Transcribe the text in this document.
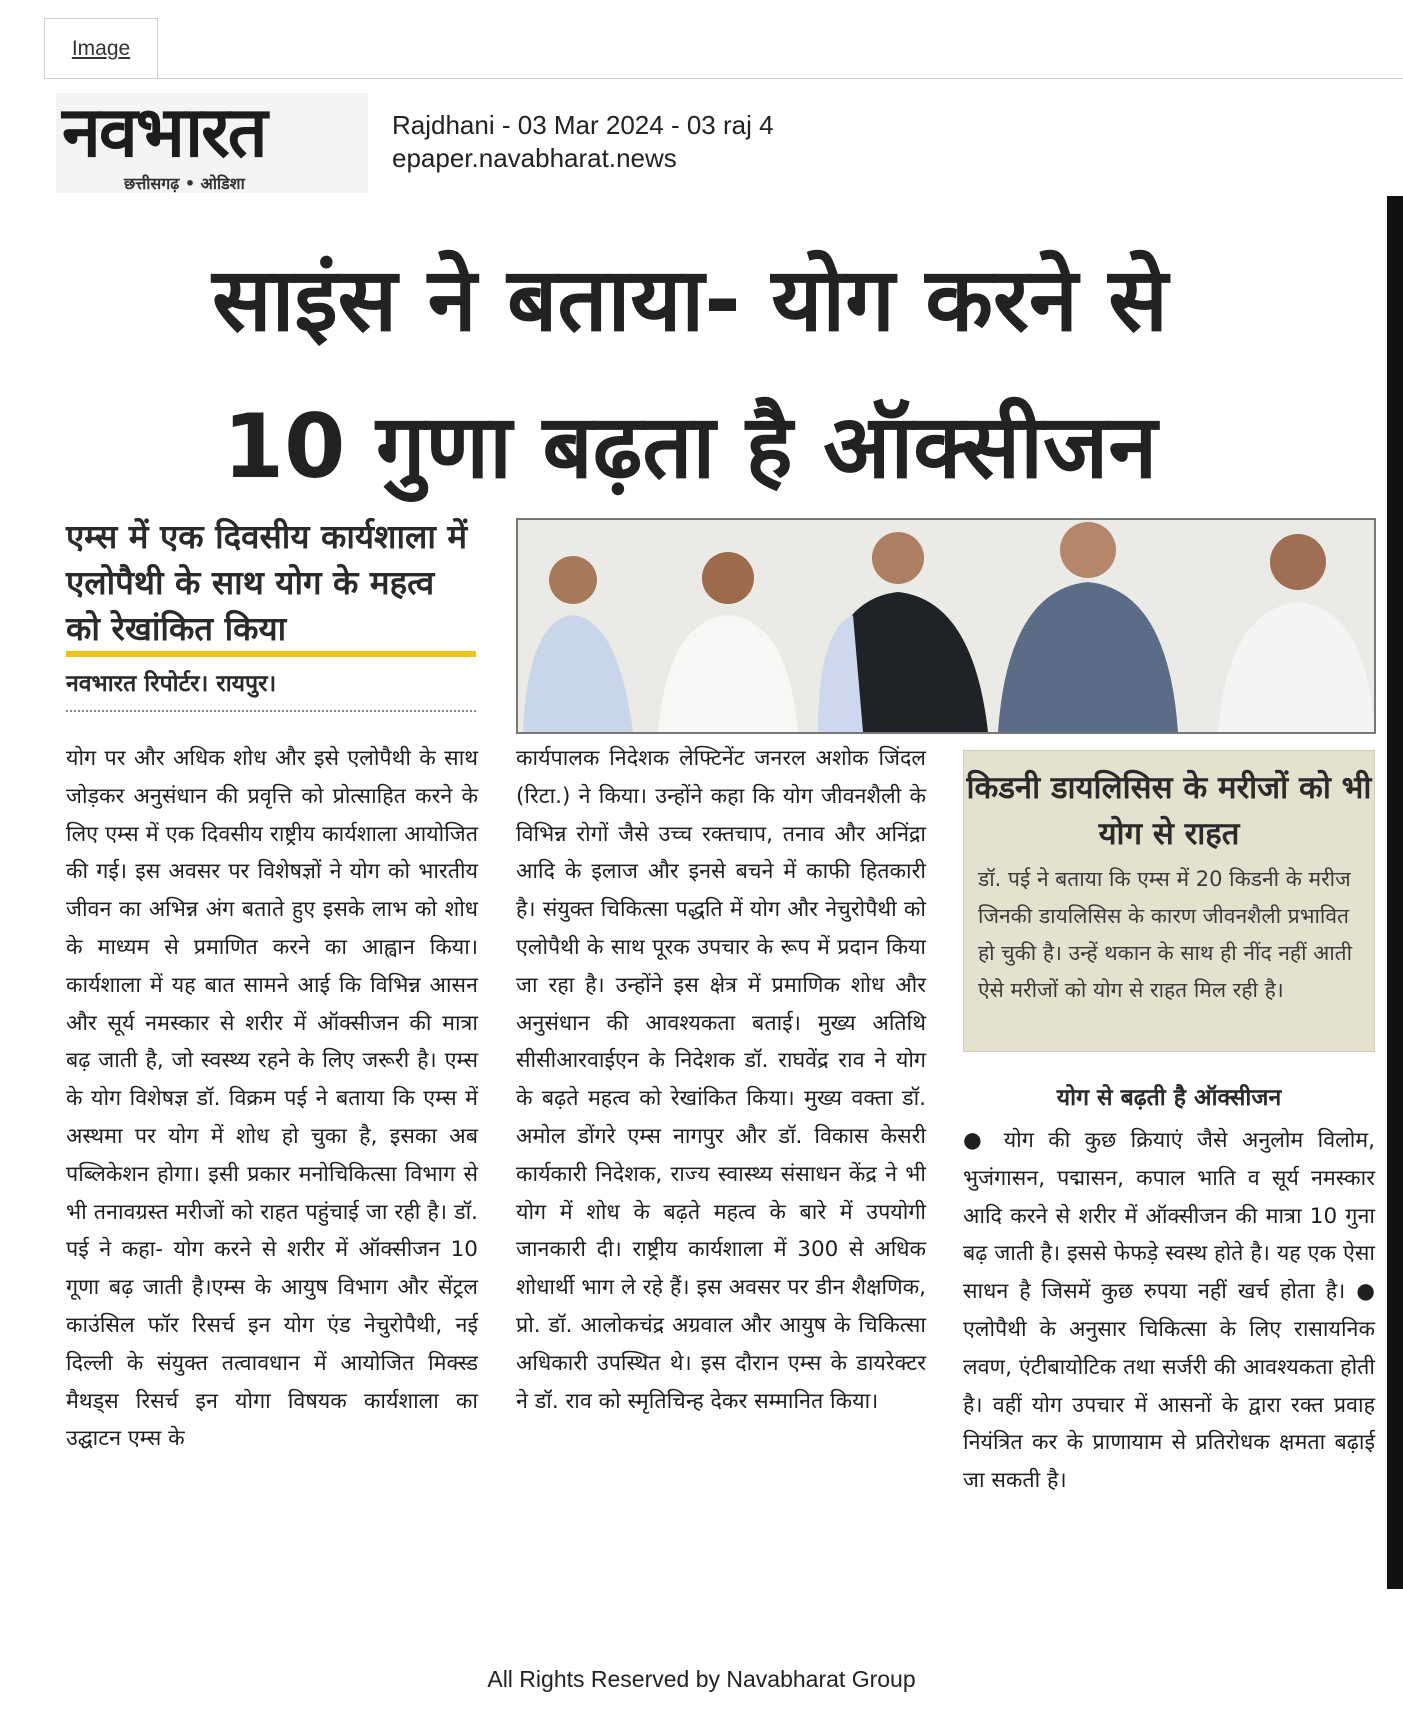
Image
नवभारत
छत्तीसगढ़ • ओडिशा
Rajdhani - 03 Mar 2024 - 03 raj 4
epaper.navabharat.news
साइंस ने बताया- योग करने से
10 गुणा बढ़ता है ऑक्सीजन
एम्स में एक दिवसीय कार्यशाला में एलोपैथी के साथ योग के महत्व को रेखांकित किया
नवभारत रिपोर्टर। रायपुर।
योग पर और अधिक शोध और इसे एलोपैथी के साथ जोड़कर अनुसंधान की प्रवृत्ति को प्रोत्साहित करने के लिए एम्स में एक दिवसीय राष्ट्रीय कार्यशाला आयोजित की गई। इस अवसर पर विशेषज्ञों ने योग को भारतीय जीवन का अभिन्न अंग बताते हुए इसके लाभ को शोध के माध्यम से प्रमाणित करने का आह्वान किया। कार्यशाला में यह बात सामने आई कि विभिन्न आसन और सूर्य नमस्कार से शरीर में ऑक्सीजन की मात्रा बढ़ जाती है, जो स्वस्थ्य रहने के लिए जरूरी है। एम्स के योग विशेषज्ञ डॉ. विक्रम पई ने बताया कि एम्स में अस्थमा पर योग में शोध हो चुका है, इसका अब पब्लिकेशन होगा। इसी प्रकार मनोचिकित्सा विभाग से भी तनावग्रस्त मरीजों को राहत पहुंचाई जा रही है। डॉ. पई ने कहा- योग करने से शरीर में ऑक्सीजन 10 गूणा बढ़ जाती है।एम्स के आयुष विभाग और सेंट्रल काउंसिल फॉर रिसर्च इन योग एंड नेचुरोपैथी, नई दिल्ली के संयुक्त तत्वावधान में आयोजित मिक्स्ड मैथड्स रिसर्च इन योगा विषयक कार्यशाला का उद्घाटन एम्स के
कार्यपालक निदेशक लेफ्टिनेंट जनरल अशोक जिंदल (रिटा.) ने किया। उन्होंने कहा कि योग जीवनशैली के विभिन्न रोगों जैसे उच्च रक्तचाप, तनाव और अनिंद्रा आदि के इलाज और इनसे बचने में काफी हितकारी है। संयुक्त चिकित्सा पद्धति में योग और नेचुरोपैथी को एलोपैथी के साथ पूरक उपचार के रूप में प्रदान किया जा रहा है। उन्होंने इस क्षेत्र में प्रमाणिक शोध और अनुसंधान की आवश्यकता बताई। मुख्य अतिथि सीसीआरवाईएन के निदेशक डॉ. राघवेंद्र राव ने योग के बढ़ते महत्व को रेखांकित किया। मुख्य वक्ता डॉ. अमोल डोंगरे एम्स नागपुर और डॉ. विकास केसरी कार्यकारी निदेशक, राज्य स्वास्थ्य संसाधन केंद्र ने भी योग में शोध के बढ़ते महत्व के बारे में उपयोगी जानकारी दी। राष्ट्रीय कार्यशाला में 300 से अधिक शोधार्थी भाग ले रहे हैं। इस अवसर पर डीन शैक्षणिक, प्रो. डॉ. आलोकचंद्र अग्रवाल और आयुष के चिकित्सा अधिकारी उपस्थित थे। इस दौरान एम्स के डायरेक्टर ने डॉ. राव को स्मृतिचिन्ह देकर सम्मानित किया।
किडनी डायलिसिस के मरीजों को भी योग से राहत
डॉ. पई ने बताया कि एम्स में 20 किडनी के मरीज जिनकी डायलिसिस के कारण जीवनशैली प्रभावित हो चुकी है। उन्हें थकान के साथ ही नींद नहीं आती ऐसे मरीजों को योग से राहत मिल रही है।
योग से बढ़ती है ऑक्सीजन
● योग की कुछ क्रियाएं जैसे अनुलोम विलोम, भुजंगासन, पद्मासन, कपाल भाति व सूर्य नमस्कार आदि करने से शरीर में ऑक्सीजन की मात्रा 10 गुना बढ़ जाती है। इससे फेफड़े स्वस्थ होते है। यह एक ऐसा साधन है जिसमें कुछ रुपया नहीं खर्च होता है। ● एलोपैथी के अनुसार चिकित्सा के लिए रासायनिक लवण, एंटीबायोटिक तथा सर्जरी की आवश्यकता होती है। वहीं योग उपचार में आसनों के द्वारा रक्त प्रवाह नियंत्रित कर के प्राणायाम से प्रतिरोधक क्षमता बढ़ाई जा सकती है।
All Rights Reserved by Navabharat Group
